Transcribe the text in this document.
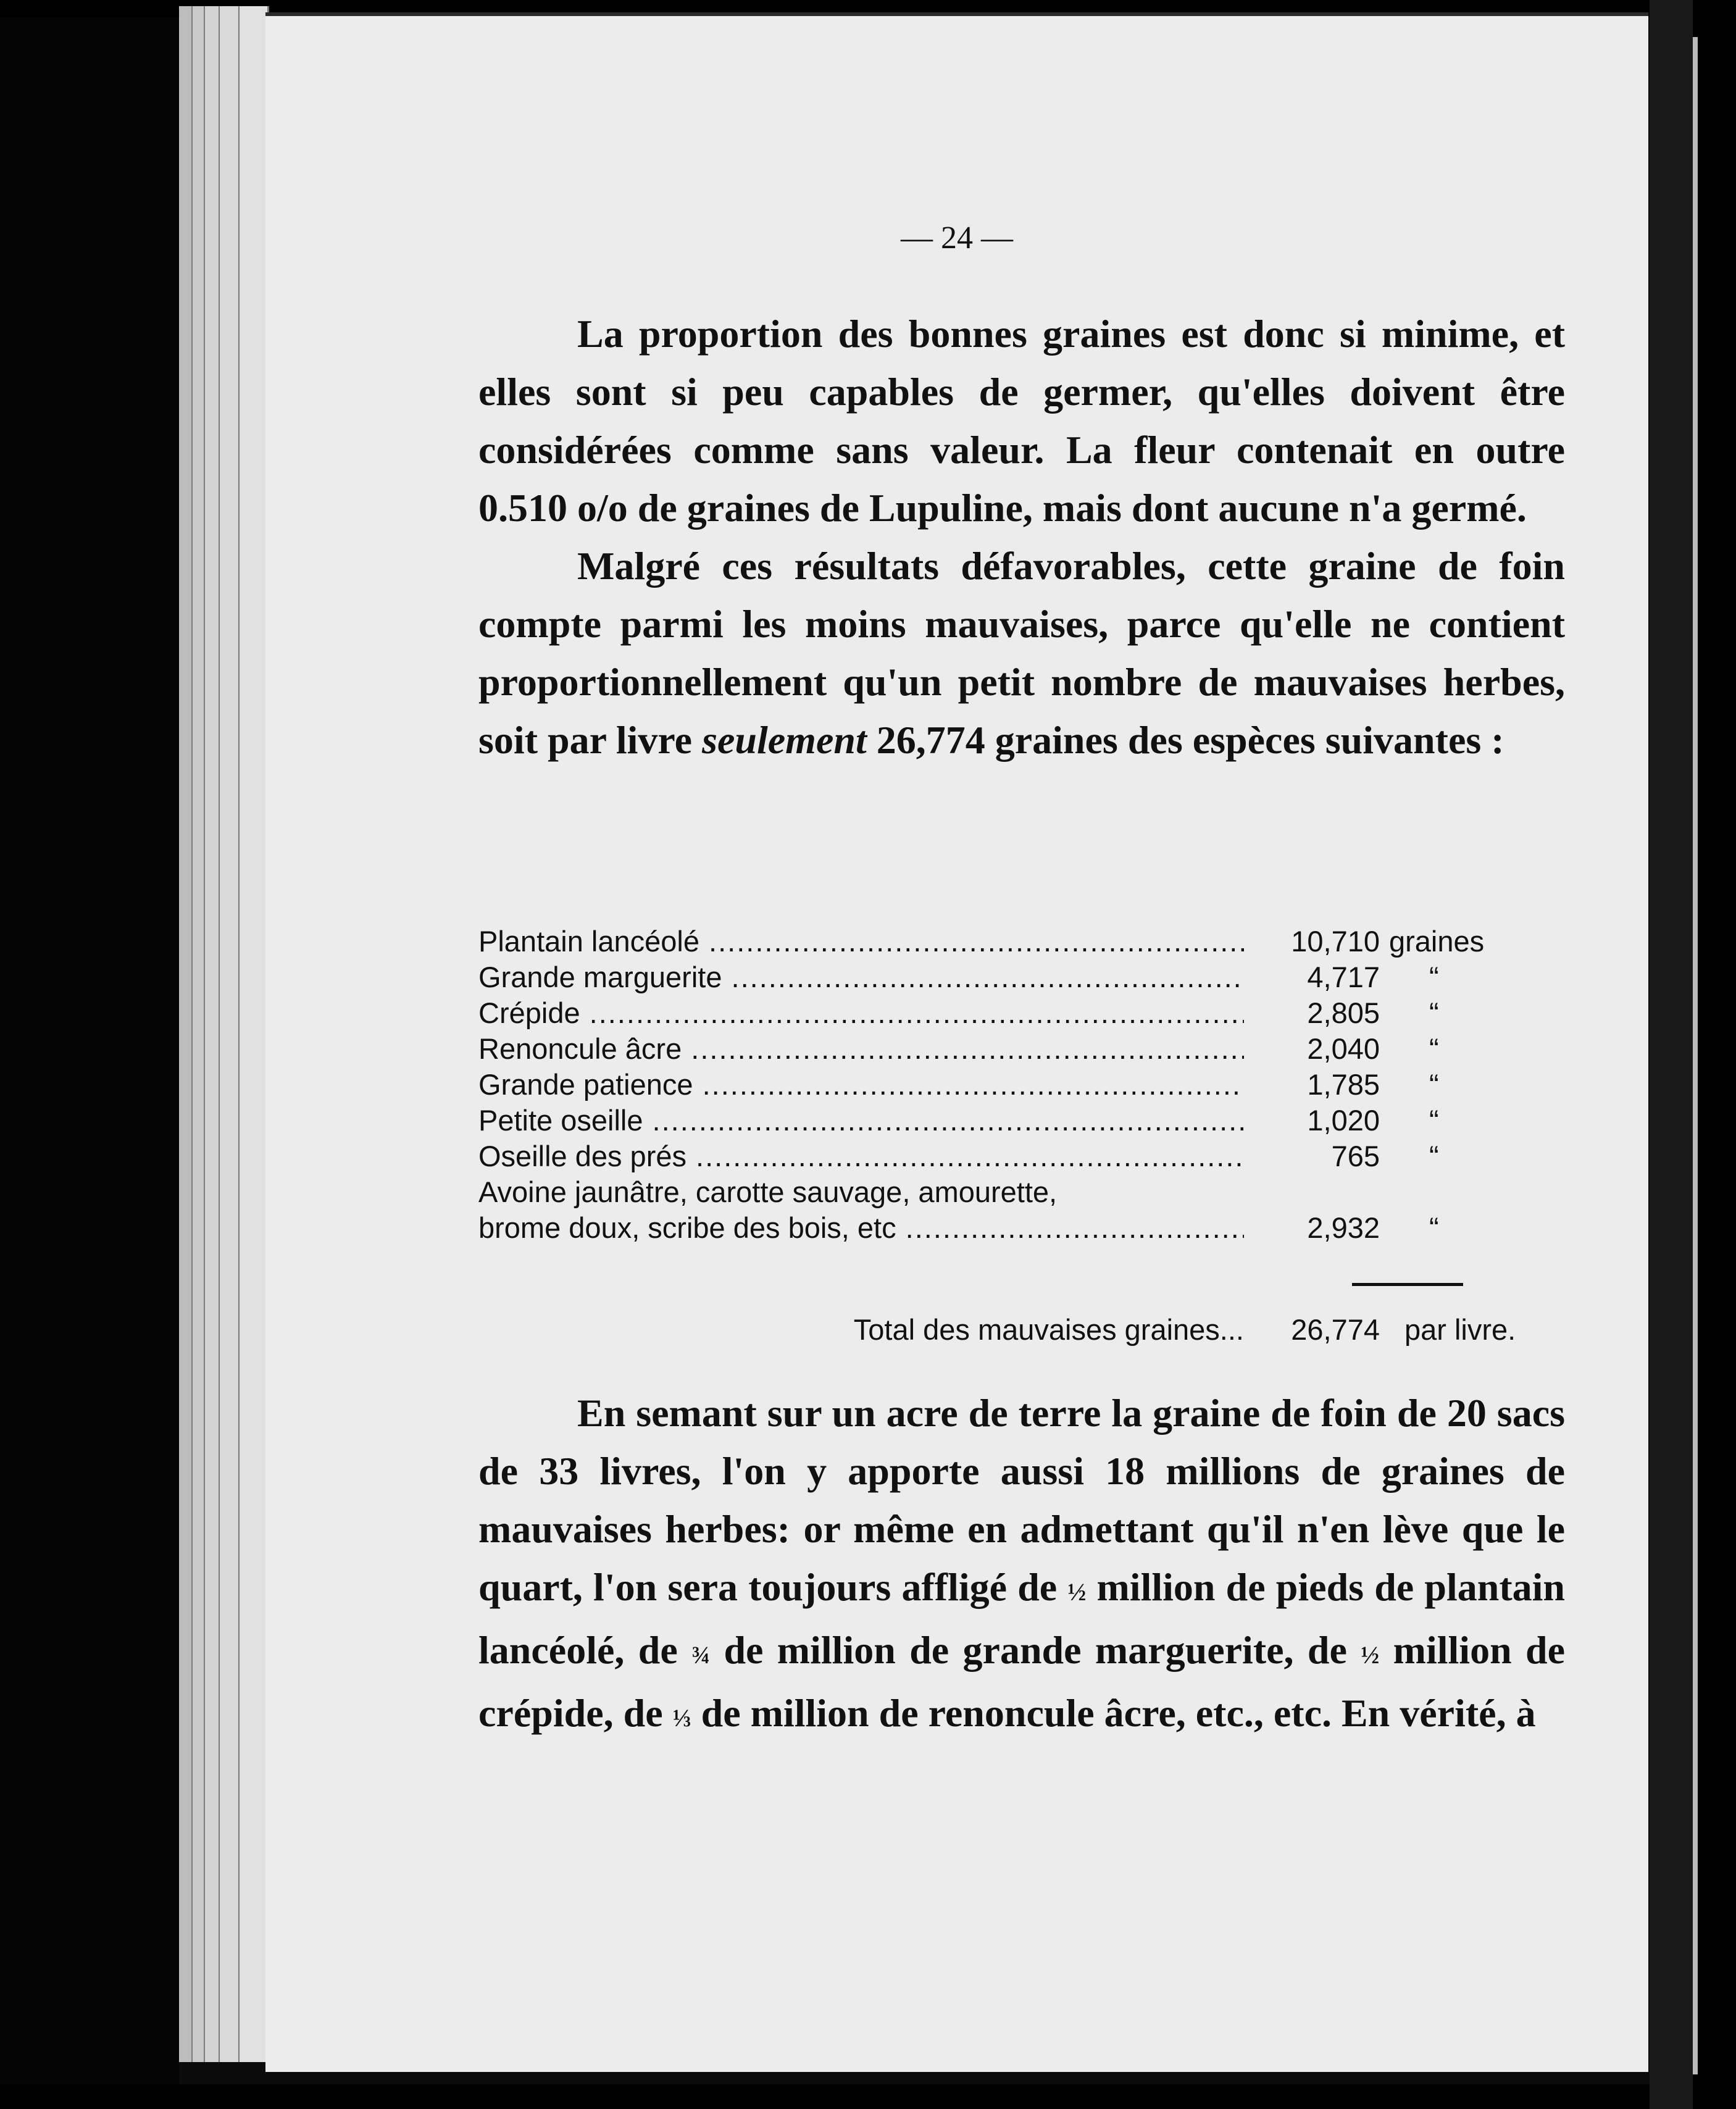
— 24 —

La proportion des bonnes graines est donc si minime, et elles sont si peu capables de germer, qu'elles doivent être considérées comme sans valeur. La fleur contenait en outre 0.510 o/o de graines de Lupuline, mais dont aucune n'a germé.

Malgré ces résultats défavorables, cette graine de foin compte parmi les moins mauvaises, parce qu'elle ne contient proportionnellement qu'un petit nombre de mauvaises herbes, soit par livre seulement 26,774 graines des espèces suivantes :

Plantain lancéolé .....	10,710 graines
Grande marguerite .....	4,717 “
Crépide .....	2,805 “
Renoncule âcre .....	2,040 “
Grande patience .....	1,785 “
Petite oseille .....	1,020 “
Oseille des prés .....	765 “
Avoine jaunâtre, carotte sauvage, amourette,
brome doux, scribe des bois, etc .....	2,932 “
Total des mauvaises graines...	26,774 par livre.

En semant sur un acre de terre la graine de foin de 20 sacs de 33 livres, l'on y apporte aussi 18 millions de graines de mauvaises herbes: or même en admettant qu'il n'en lève que le quart, l'on sera toujours affligé de ½ million de pieds de plantain lancéolé, de ¾ de million de grande marguerite, de ½ million de crépide, de ⅓ de million de renoncule âcre, etc., etc. En vérité, à
